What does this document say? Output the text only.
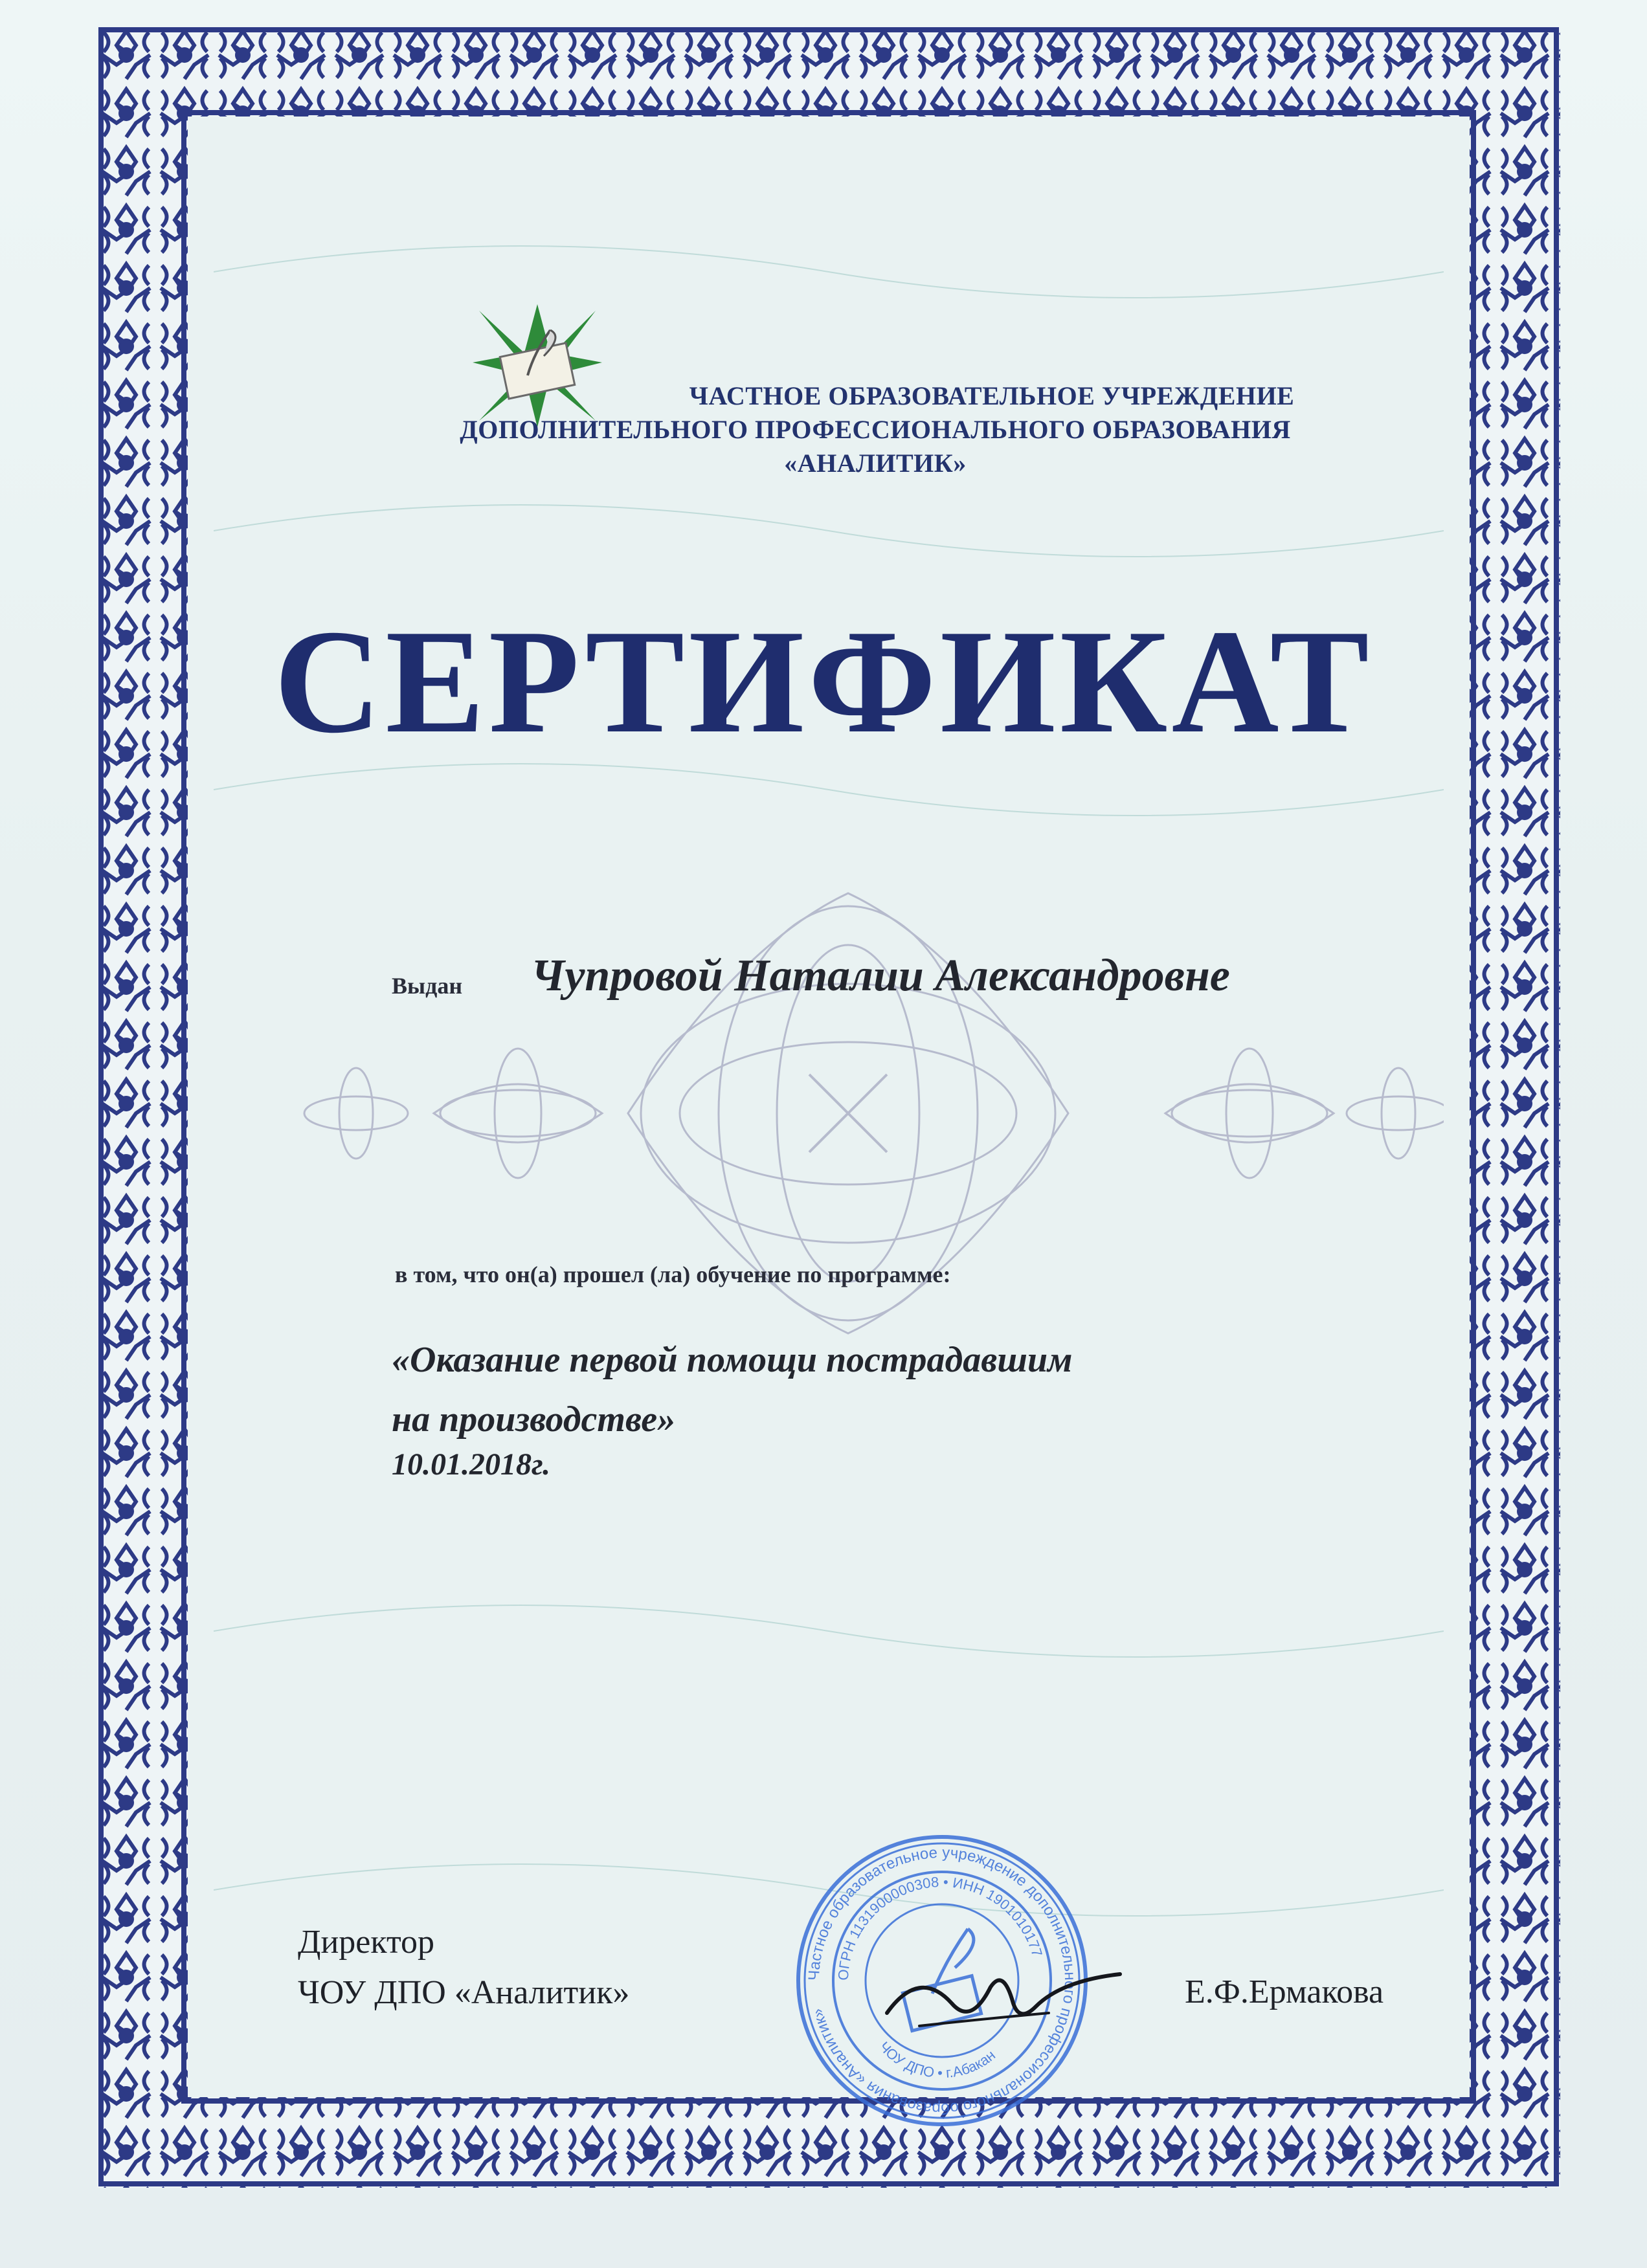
ЧАСТНОЕ ОБРАЗОВАТЕЛЬНОЕ УЧРЕЖДЕНИЕ
ДОПОЛНИТЕЛЬНОГО ПРОФЕССИОНАЛЬНОГО ОБРАЗОВАНИЯ
«АНАЛИТИК»
СЕРТИФИКАТ
Выдан Чупровой Наталии Александровне
в том, что он(а) прошел (ла) обучение по программе:
«Оказание первой помощи пострадавшим
на производстве»
10.01.2018г.
Директор
ЧОУ ДПО «Аналитик»	Частное образовательное учреждение дополнительного профессионального образования «Аналитик»
ОГРН 1131900000308 • ИНН 1901010177
ЧОУ ДПО • г.Абакан
Е.Ф.Ермакова
